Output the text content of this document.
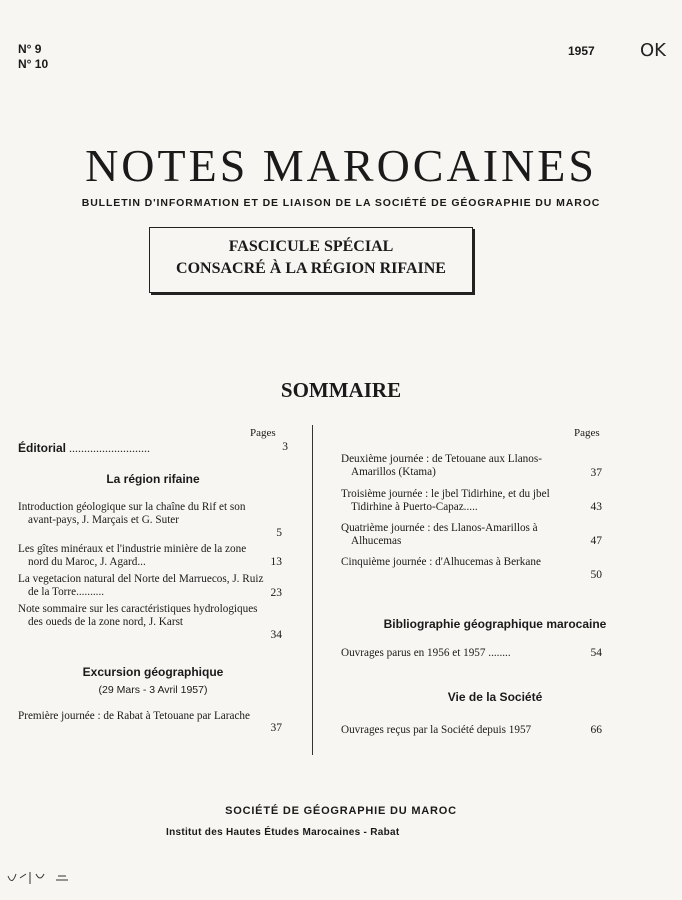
N° 9
N° 10
1957	OK
NOTES MAROCAINES
BULLETIN D'INFORMATION ET DE LIAISON DE LA SOCIÉTÉ DE GÉOGRAPHIE DU MAROC
FASCICULE SPÉCIAL
CONSACRÉ À LA RÉGION RIFAINE
SOMMAIRE
Pages
Éditorial ...........................	3
La région rifaine
Introduction géologique sur la chaîne du Rif et son avant-pays, J. Marçais et G. Suter
5
Les gîtes minéraux et l'industrie minière de la zone nord du Maroc, J. Agard...	13
La vegetacion natural del Norte del Marruecos, J. Ruiz de la Torre..........	23
Note sommaire sur les caractéristiques hydrologiques des oueds de la zone nord, J. Karst
34
Excursion géographique
(29 Mars - 3 Avril 1957)
Première journée : de Rabat à Tetouane par Larache
37
Pages
Deuxième journée : de Tetouane aux Llanos-Amarillos (Ktama)	37
Troisième journée : le jbel Tidirhine, et du jbel Tidirhine à Puerto-Capaz.....	43
Quatrième journée : des Llanos-Amarillos à Alhucemas	47
Cinquième journée : d'Alhucemas à Berkane
50
Bibliographie géographique marocaine
Ouvrages parus en 1956 et 1957 ........	54
Vie de la Société
Ouvrages reçus par la Société depuis 1957	66
SOCIÉTÉ DE GÉOGRAPHIE DU MAROC
Institut des Hautes Études Marocaines - Rabat
